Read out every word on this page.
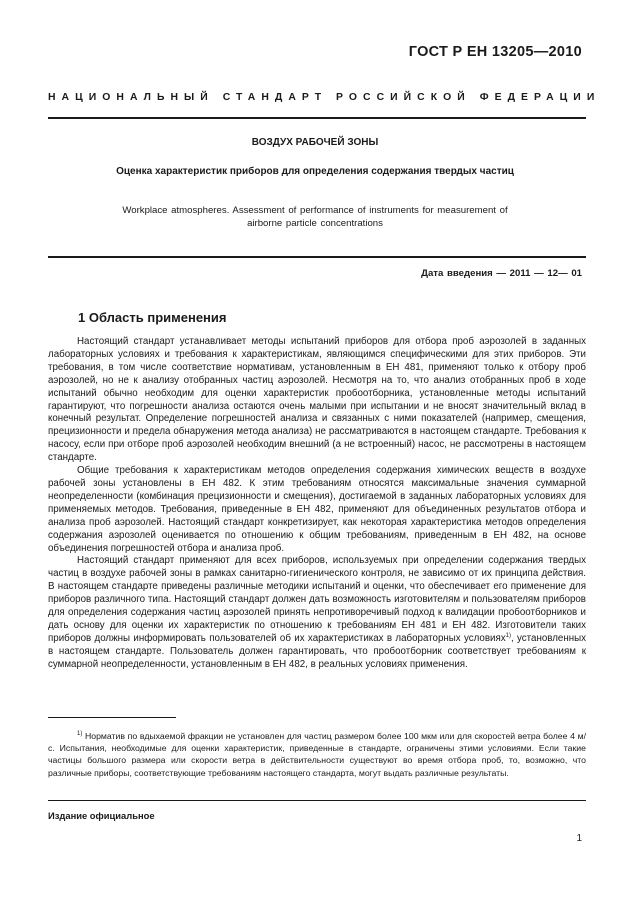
ГОСТ Р ЕН 13205—2010
НАЦИОНАЛЬНЫЙ СТАНДАРТ РОССИЙСКОЙ ФЕДЕРАЦИИ
ВОЗДУХ РАБОЧЕЙ ЗОНЫ
Оценка характеристик приборов для определения содержания твердых частиц
Workplace atmospheres. Assessment of performance of instruments for measurement of airborne particle concentrations
Дата введения — 2011 — 12— 01
1 Область применения

Настоящий стандарт устанавливает методы испытаний приборов для отбора проб аэрозолей в заданных лабораторных условиях и требования к характеристикам, являющимся специфическими для этих приборов. Эти требования, в том числе соответствие нормативам, установленным в ЕН 481, применяют только к отбору проб аэрозолей, но не к анализу отобранных частиц аэрозолей. Несмотря на то, что анализ отобранных проб в ходе испытаний обычно необходим для оценки характеристик пробоотборника, установленные методы испытаний гарантируют, что погрешности анализа остаются очень малыми при испытании и не вносят значительный вклад в конечный результат. Определение погрешностей анализа и связанных с ними показателей (например, смещения, прецизионности и предела обнаружения метода анализа) не рассматриваются в настоящем стандарте. Требования к насосу, если при отборе проб аэрозолей необходим внешний (а не встроенный) насос, не рассмотрены в настоящем стандарте.

Общие требования к характеристикам методов определения содержания химических веществ в воздухе рабочей зоны установлены в ЕН 482. К этим требованиям относятся максимальные значения суммарной неопределенности (комбинация прецизионности и смещения), достигаемой в заданных лабораторных условиях для применяемых методов. Требования, приведенные в ЕН 482, применяют для объединенных результатов отбора и анализа проб аэрозолей. Настоящий стандарт конкретизирует, как некоторая характеристика методов определения содержания аэрозолей оценивается по отношению к общим требованиям, приведенным в ЕН 482, на основе объединения погрешностей отбора и анализа проб.

Настоящий стандарт применяют для всех приборов, используемых при определении содержания твердых частиц в воздухе рабочей зоны в рамках санитарно-гигиенического контроля, не зависимо от их принципа действия. В настоящем стандарте приведены различные методики испытаний и оценки, что обеспечивает его применение для приборов различного типа. Настоящий стандарт должен дать возможность изготовителям и пользователям приборов для определения содержания частиц аэрозолей принять непротиворечивый подход к валидации пробоотборников и дать основу для оценки их характеристик по отношению к требованиям ЕН 481 и ЕН 482. Изготовители таких приборов должны информировать пользователей об их характеристиках в лабораторных условиях$^{1)}$, установленных в настоящем стандарте. Пользователь должен гарантировать, что пробоотборник соответствует требованиям к суммарной неопределенности, установленным в ЕН 482, в реальных условиях применения.

$^{1)}$ Норматив по вдыхаемой фракции не установлен для частиц размером более 100 мкм или для скоростей ветра более 4 м/с. Испытания, необходимые для оценки характеристик, приведенные в стандарте, ограничены этими условиями. Если такие частицы большого размера или скорости ветра в действительности существуют во время отбора проб, то, возможно, что различные приборы, соответствующие требованиям настоящего стандарта, могут выдать различные результаты.

Издание официальное
1
